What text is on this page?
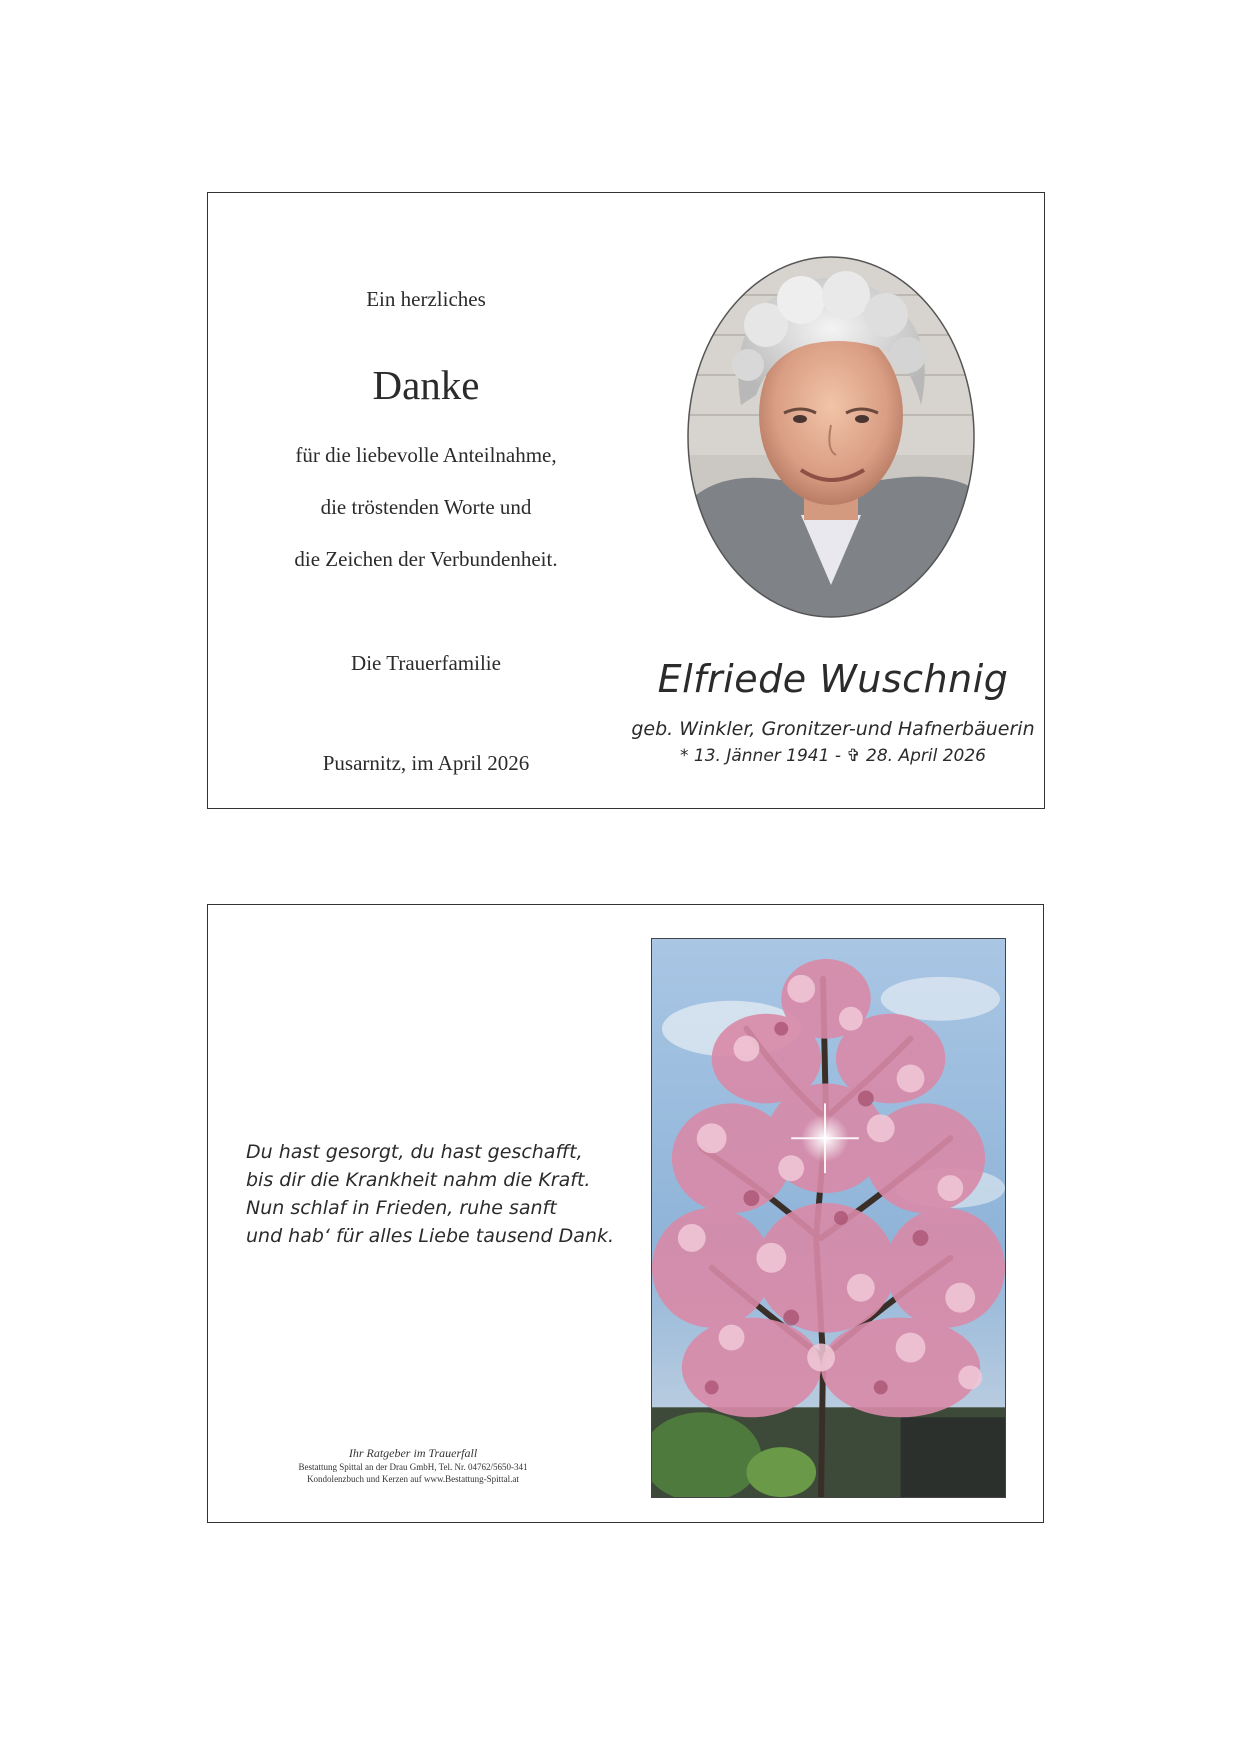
Ein herzliches
Danke
für die liebevolle Anteilnahme,
die tröstenden Worte und
die Zeichen der Verbundenheit.
Die Trauerfamilie
Pusarnitz, im April 2026
Elfriede Wuschnig
geb. Winkler, Gronitzer-und Hafnerbäuerin
* 13. Jänner 1941 - ✞ 28. April 2026
Du hast gesorgt, du hast geschafft,
bis dir die Krankheit nahm die Kraft.
Nun schlaf in Frieden, ruhe sanft
und hab‘ für alles Liebe tausend Dank.
Ihr Ratgeber im Trauerfall
Bestattung Spittal an der Drau GmbH, Tel. Nr. 04762/5650-341
Kondolenzbuch und Kerzen auf www.Bestattung-Spittal.at
